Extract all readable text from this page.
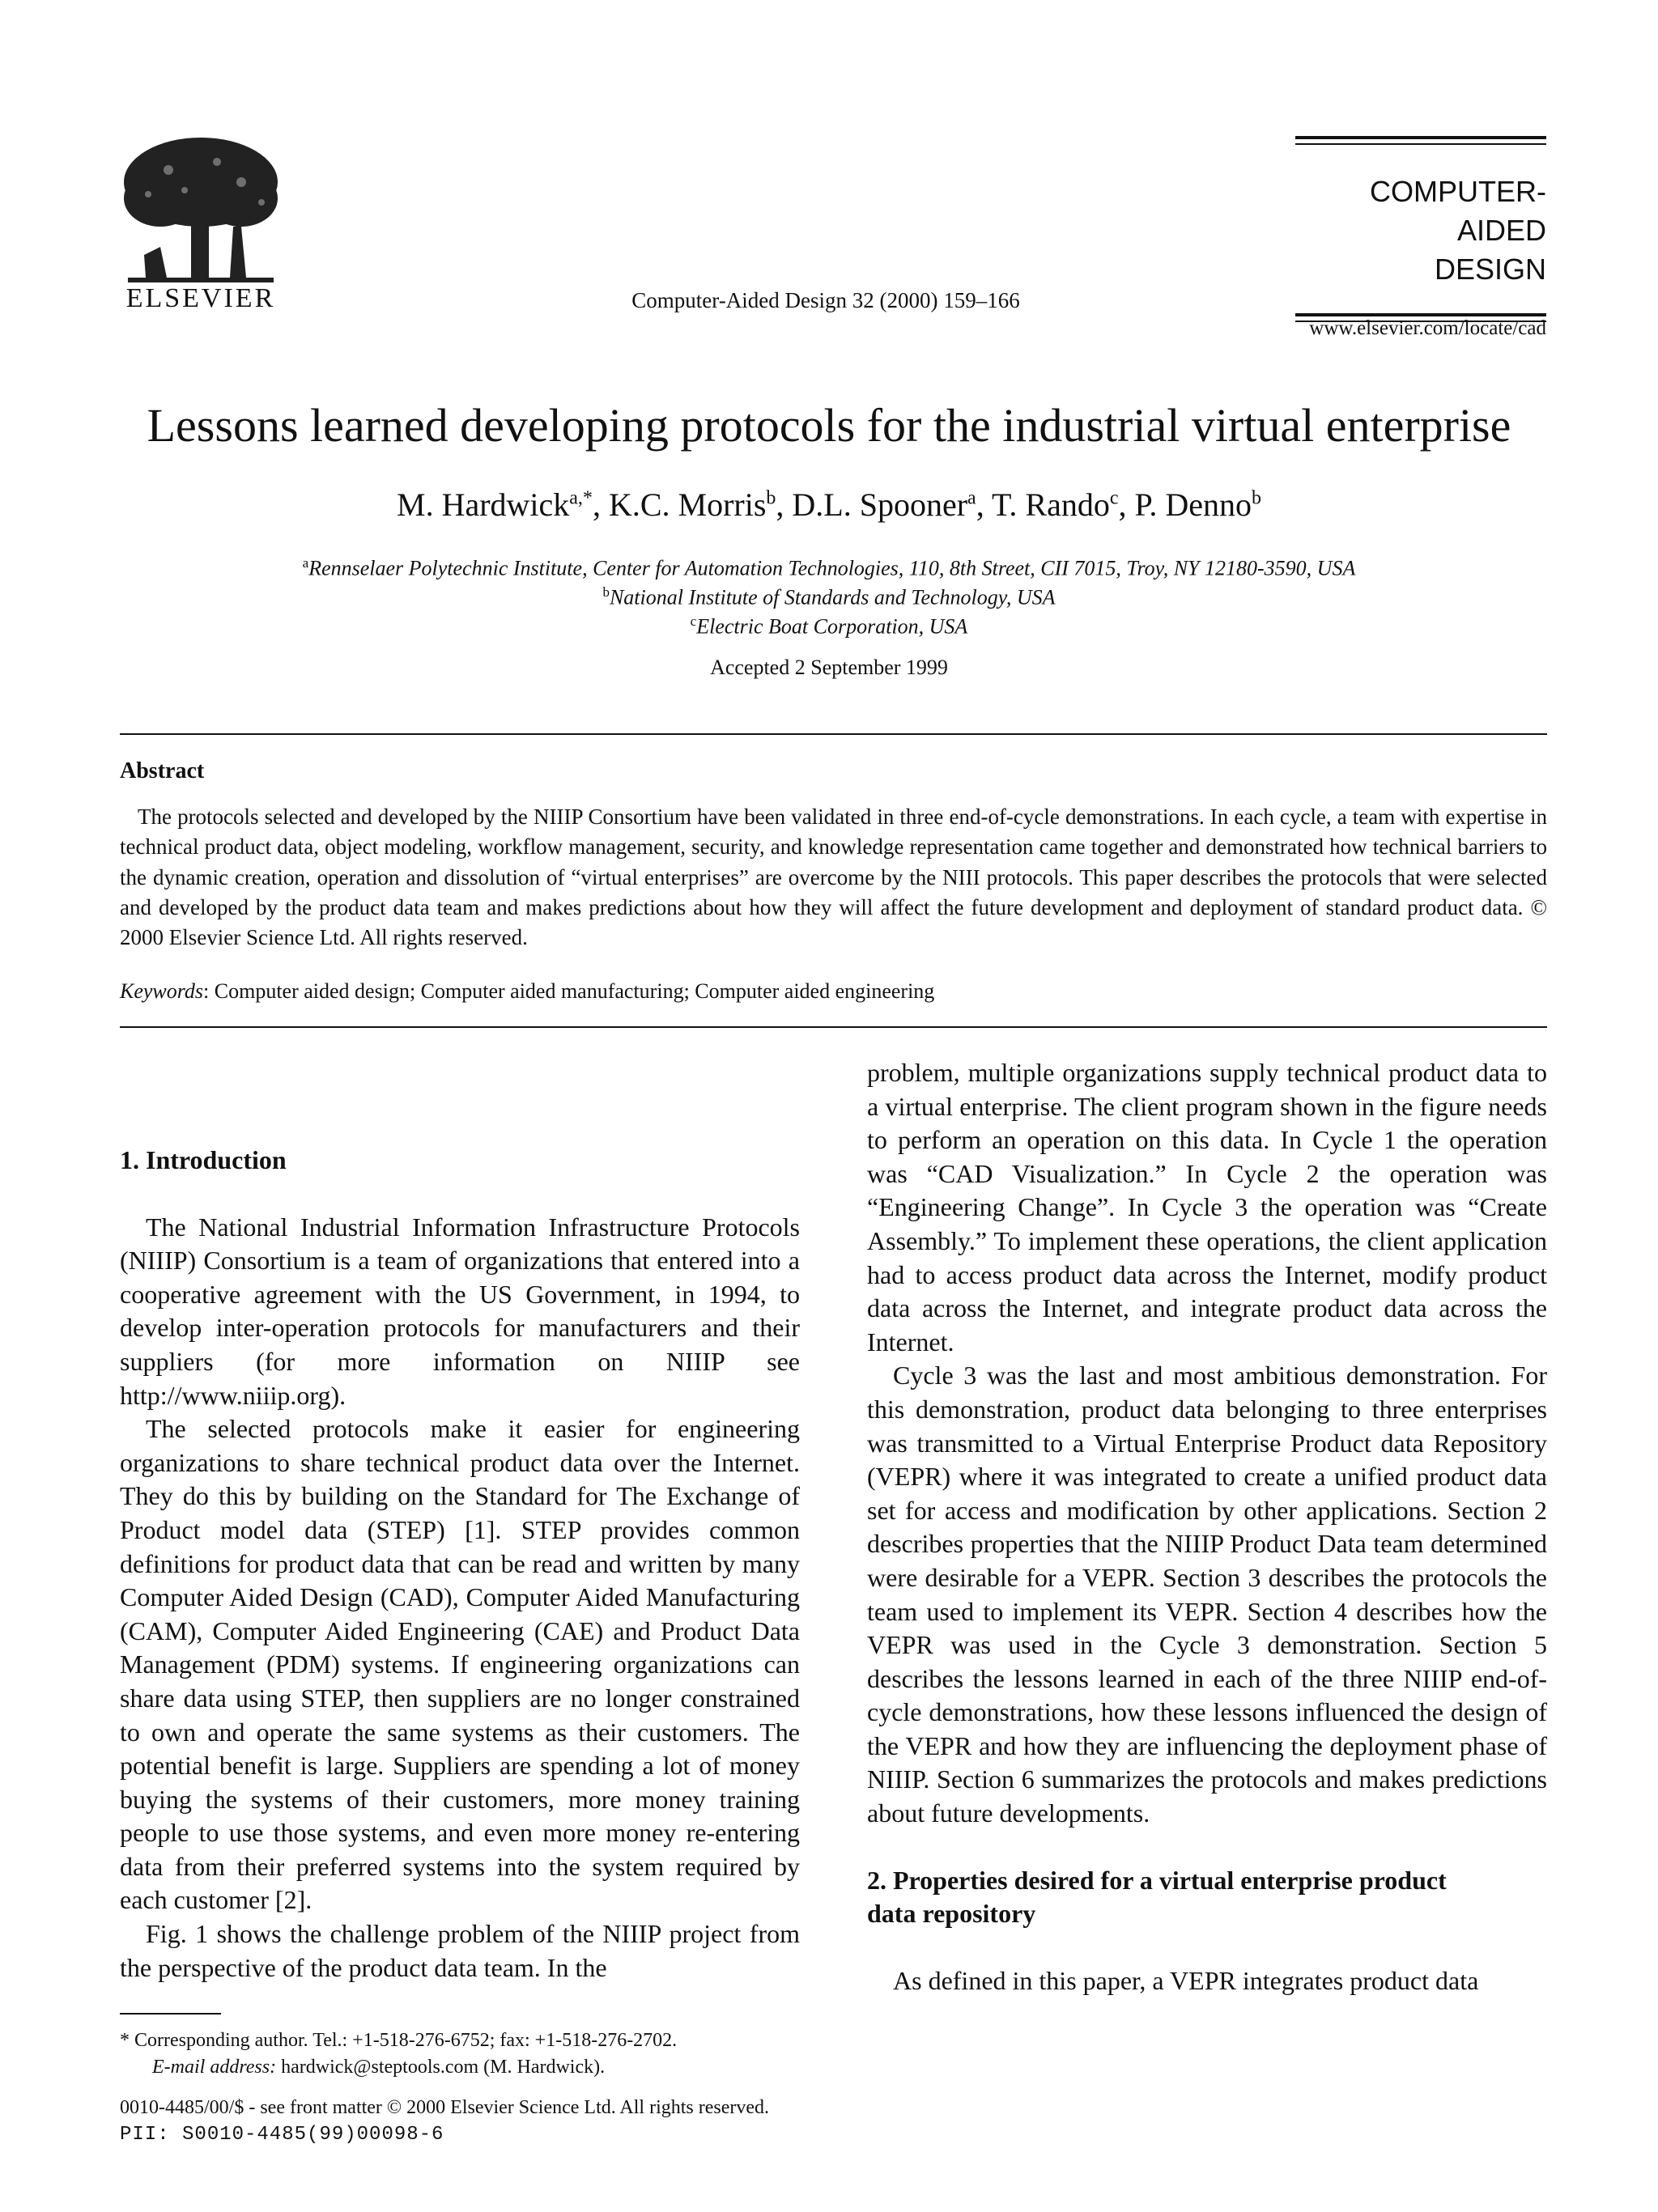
ELSEVIER	Computer-Aided Design 32 (2000) 159–166
COMPUTER-AIDED
DESIGN
www.elsevier.com/locate/cad
Lessons learned developing protocols for the industrial virtual enterprise
M. Hardwick$^{a,*}$, K.C. Morris$^b$, D.L. Spooner$^a$, T. Rando$^c$, P. Denno$^b$
$^a$Rennselaer Polytechnic Institute, Center for Automation Technologies, 110, 8th Street, CII 7015, Troy, NY 12180-3590, USA
$^b$National Institute of Standards and Technology, USA
$^c$Electric Boat Corporation, USA
Accepted 2 September 1999
Abstract
The protocols selected and developed by the NIIIP Consortium have been validated in three end-of-cycle demonstrations. In each cycle, a team with expertise in technical product data, object modeling, workflow management, security, and knowledge representation came together and demonstrated how technical barriers to the dynamic creation, operation and dissolution of “virtual enterprises” are overcome by the NIII protocols. This paper describes the protocols that were selected and developed by the product data team and makes predictions about how they will affect the future development and deployment of standard product data. © 2000 Elsevier Science Ltd. All rights reserved.
Keywords: Computer aided design; Computer aided manufacturing; Computer aided engineering
1. Introduction

The National Industrial Information Infrastructure Protocols (NIIIP) Consortium is a team of organizations that entered into a cooperative agreement with the US Government, in 1994, to develop inter-operation protocols for manufacturers and their suppliers (for more information on NIIIP see http://www.niiip.org).

The selected protocols make it easier for engineering organizations to share technical product data over the Internet. They do this by building on the Standard for The Exchange of Product model data (STEP) [1]. STEP provides common definitions for product data that can be read and written by many Computer Aided Design (CAD), Computer Aided Manufacturing (CAM), Computer Aided Engineering (CAE) and Product Data Management (PDM) systems. If engineering organizations can share data using STEP, then suppliers are no longer constrained to own and operate the same systems as their customers. The potential benefit is large. Suppliers are spending a lot of money buying the systems of their customers, more money training people to use those systems, and even more money re-entering data from their preferred systems into the system required by each customer [2].

Fig. 1 shows the challenge problem of the NIIIP project from the perspective of the product data team. In the

problem, multiple organizations supply technical product data to a virtual enterprise. The client program shown in the figure needs to perform an operation on this data. In Cycle 1 the operation was “CAD Visualization.” In Cycle 2 the operation was “Engineering Change”. In Cycle 3 the operation was “Create Assembly.” To implement these operations, the client application had to access product data across the Internet, modify product data across the Internet, and integrate product data across the Internet.

Cycle 3 was the last and most ambitious demonstration. For this demonstration, product data belonging to three enterprises was transmitted to a Virtual Enterprise Product data Repository (VEPR) where it was integrated to create a unified product data set for access and modification by other applications. Section 2 describes properties that the NIIIP Product Data team determined were desirable for a VEPR. Section 3 describes the protocols the team used to implement its VEPR. Section 4 describes how the VEPR was used in the Cycle 3 demonstration. Section 5 describes the lessons learned in each of the three NIIIP end-of-cycle demonstrations, how these lessons influenced the design of the VEPR and how they are influencing the deployment phase of NIIIP. Section 6 summarizes the protocols and makes predictions about future developments.

2. Properties desired for a virtual enterprise product
data repository

As defined in this paper, a VEPR integrates product data

* Corresponding author. Tel.: +1-518-276-6752; fax: +1-518-276-2702.
E-mail address: hardwick@steptools.com (M. Hardwick).
0010-4485/00/$ - see front matter © 2000 Elsevier Science Ltd. All rights reserved.
PII: S0010-4485(99)00098-6
